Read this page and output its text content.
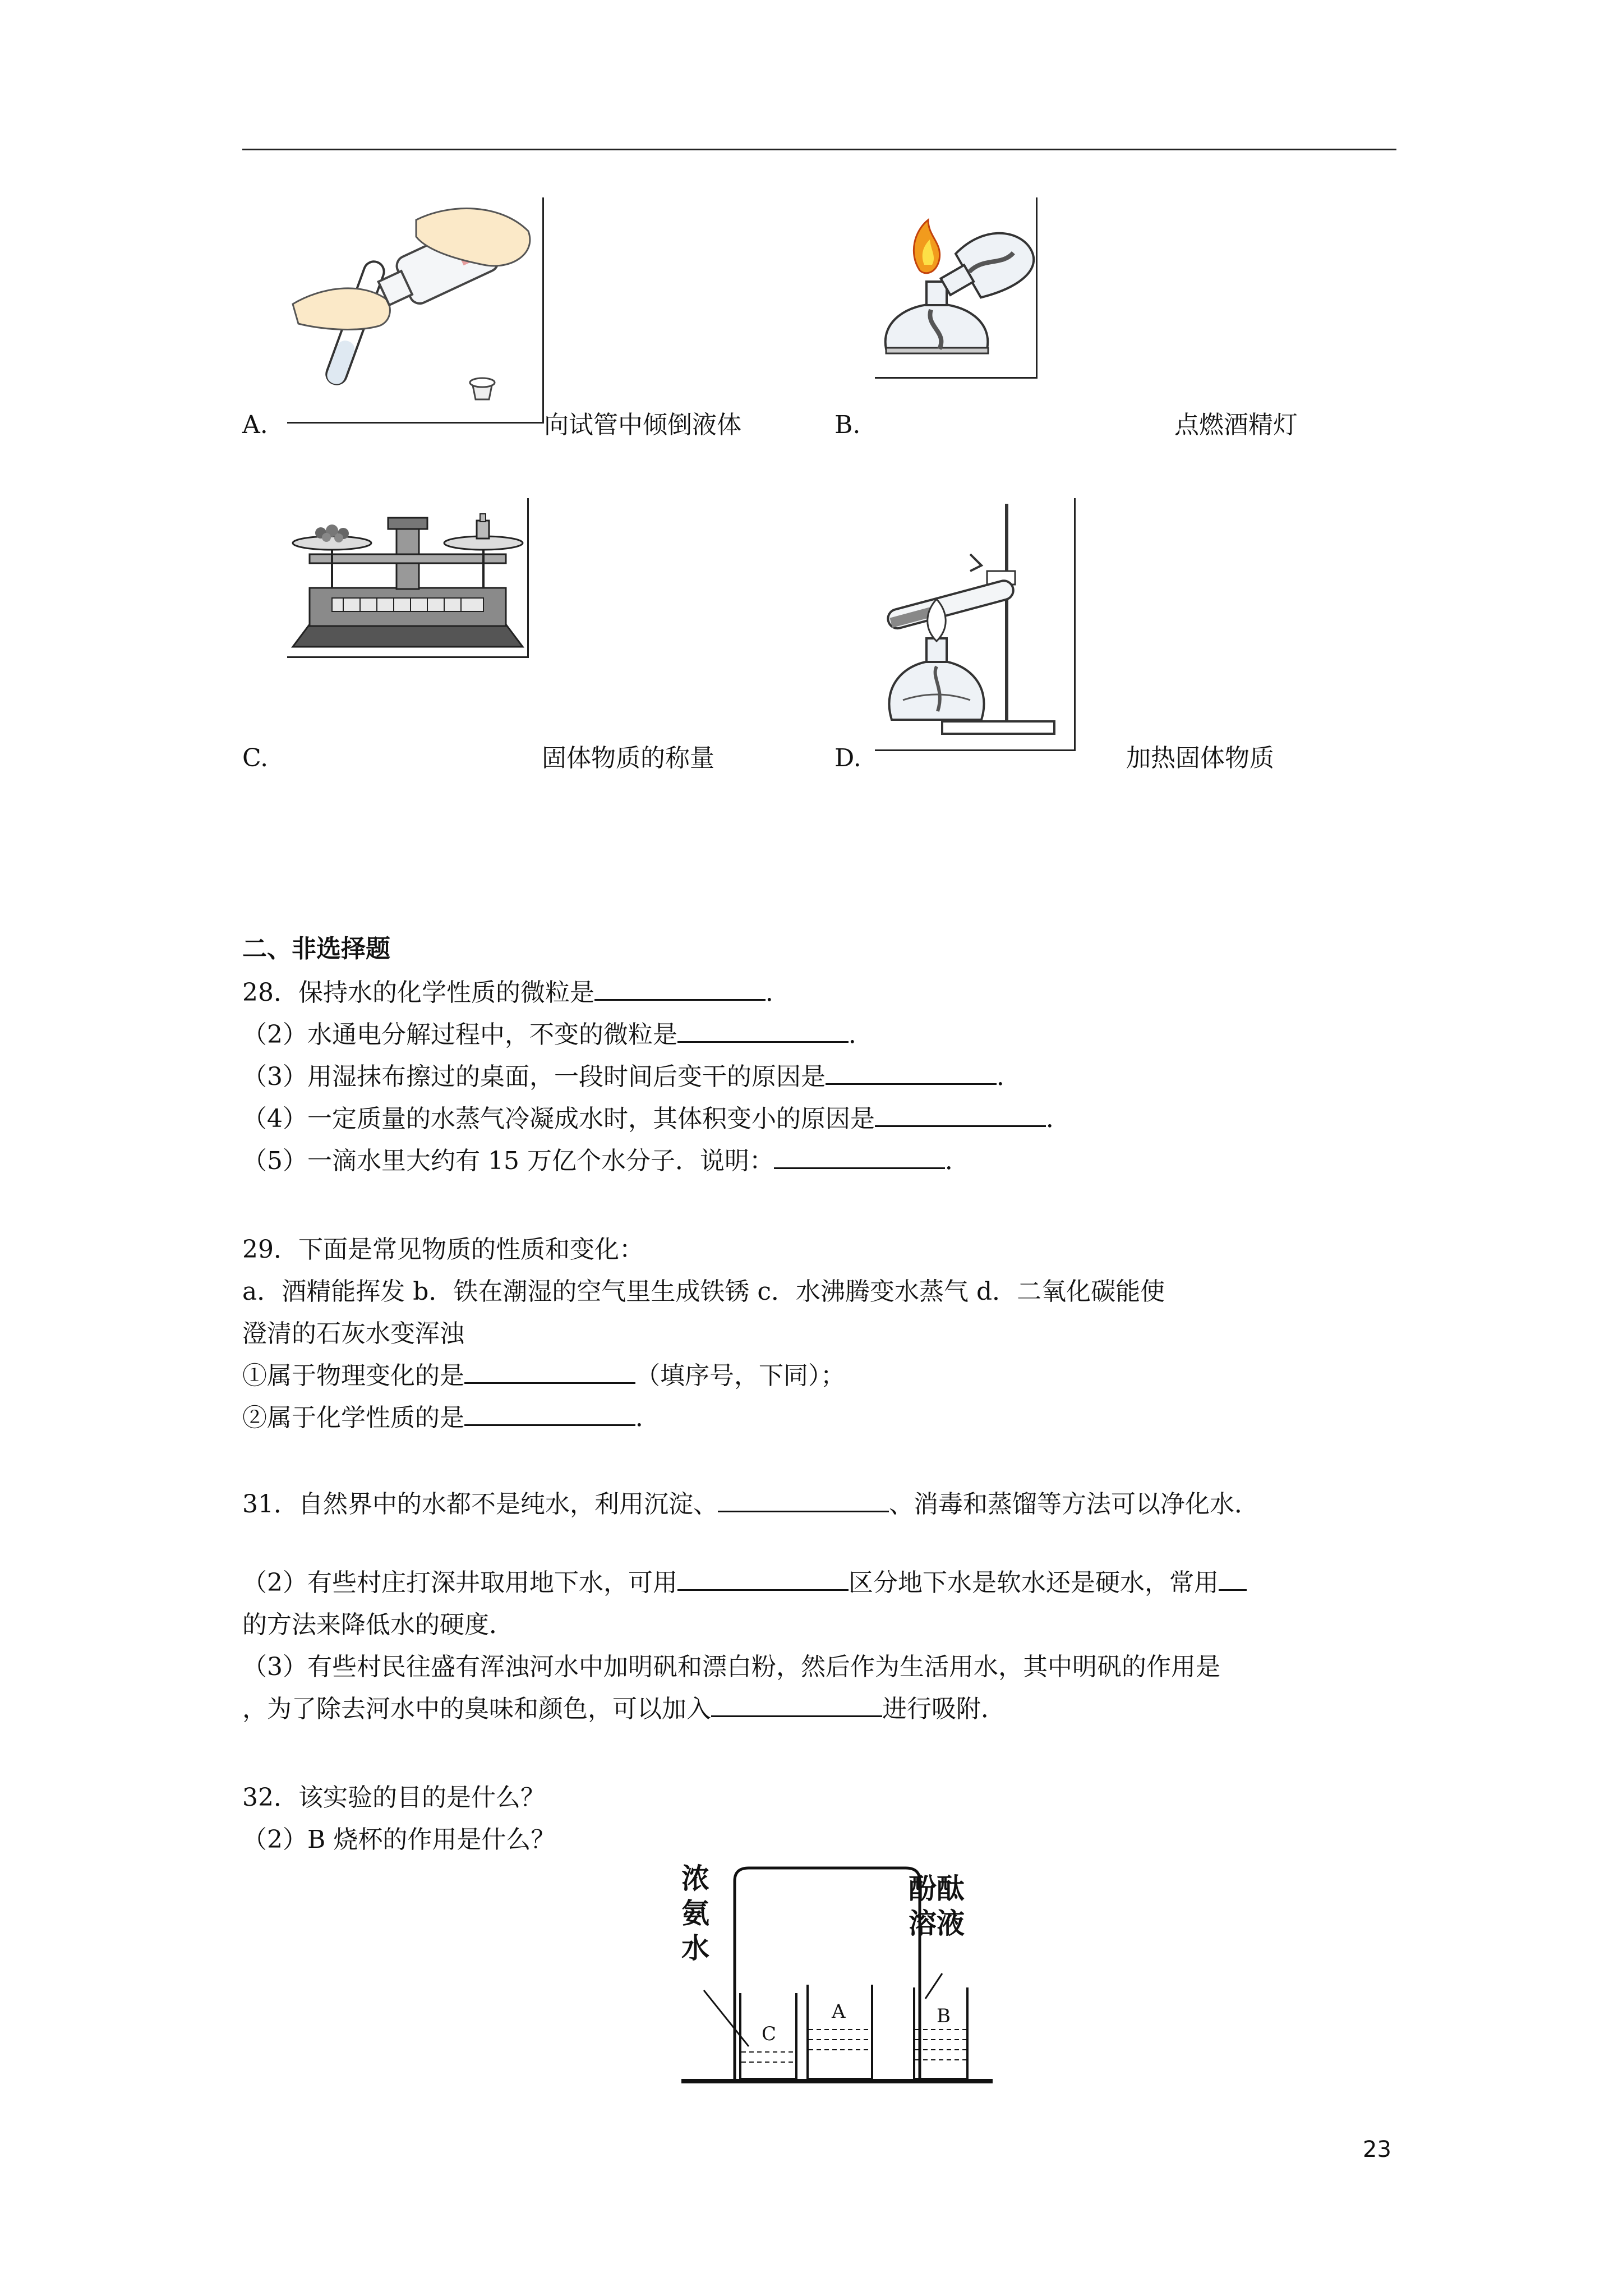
A.	向试管中倾倒液体	B.	点燃酒精灯
C.	固体物质的称量	D.	加热固体物质
二、非选择题
28．保持水的化学性质的微粒是	．
（2）水通电分解过程中，不变的微粒是	．
（3）用湿抹布擦过的桌面，一段时间后变干的原因是	．
（4）一定质量的水蒸气冷凝成水时，其体积变小的原因是	．
（5）一滴水里大约有 15 万亿个水分子．说明：	．
29．下面是常见物质的性质和变化：
a．酒精能挥发 b．铁在潮湿的空气里生成铁锈 c．水沸腾变水蒸气 d．二氧化碳能使
澄清的石灰水变浑浊
①属于物理变化的是	（填序号，下同）；
②属于化学性质的是	．
31．自然界中的水都不是纯水，利用沉淀、	、消毒和蒸馏等方法可以净化水．
（2）有些村庄打深井取用地下水，可用	区分地下水是软水还是硬水，常用
的方法来降低水的硬度．
（3）有些村民往盛有浑浊河水中加明矾和漂白粉，然后作为生活用水，其中明矾的作用是
，为了除去河水中的臭味和颜色，可以加入	进行吸附．
32．该实验的目的是什么？
（2）B 烧杯的作用是什么？
浓
氨
水
酚酞
溶液
C
A	B
23
